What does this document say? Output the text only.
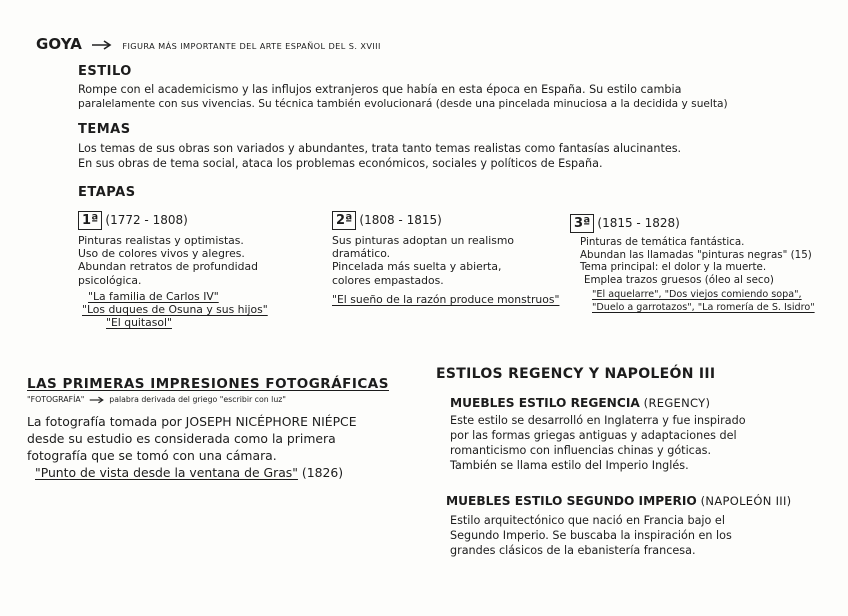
GOYA	FIGURA MÁS IMPORTANTE DEL ARTE ESPAÑOL DEL S. XVIII
ESTILO
Rompe con el academicismo y las influjos extranjeros que había en esta época en España. Su estilo cambia
paralelamente con sus vivencias. Su técnica también evolucionará (desde una pincelada minuciosa a la decidida y suelta)
TEMAS
Los temas de sus obras son variados y abundantes, trata tanto temas realistas como fantasías alucinantes.
En sus obras de tema social, ataca los problemas económicos, sociales y políticos de España.
ETAPAS
1ª (1772 - 1808)
Pinturas realistas y optimistas.
Uso de colores vivos y alegres.
Abundan retratos de profundidad
psicológica.
"La familia de Carlos IV"
"Los duques de Osuna y sus hijos"
"El quitasol"
2ª (1808 - 1815)
Sus pinturas adoptan un realismo
dramático.
Pincelada más suelta y abierta,
colores empastados.
"El sueño de la razón produce monstruos"
3ª (1815 - 1828)
Pinturas de temática fantástica.
Abundan las llamadas "pinturas negras" (15)
Tema principal: el dolor y la muerte.
Emplea trazos gruesos (óleo al seco)
"El aquelarre", "Dos viejos comiendo sopa",
"Duelo a garrotazos", "La romería de S. Isidro"
LAS PRIMERAS IMPRESIONES FOTOGRÁFICAS
"FOTOGRAFÍA"	palabra derivada del griego "escribir con luz"
La fotografía tomada por JOSEPH NICÉPHORE NIÉPCE
desde su estudio es considerada como la primera
fotografía que se tomó con una cámara.
"Punto de vista desde la ventana de Gras" (1826)
ESTILOS REGENCY Y NAPOLEÓN III
MUEBLES ESTILO REGENCIA (REGENCY)
Este estilo se desarrolló en Inglaterra y fue inspirado
por las formas griegas antiguas y adaptaciones del
romanticismo con influencias chinas y góticas.
También se llama estilo del Imperio Inglés.
MUEBLES ESTILO SEGUNDO IMPERIO (NAPOLEÓN III)
Estilo arquitectónico que nació en Francia bajo el
Segundo Imperio. Se buscaba la inspiración en los
grandes clásicos de la ebanistería francesa.
